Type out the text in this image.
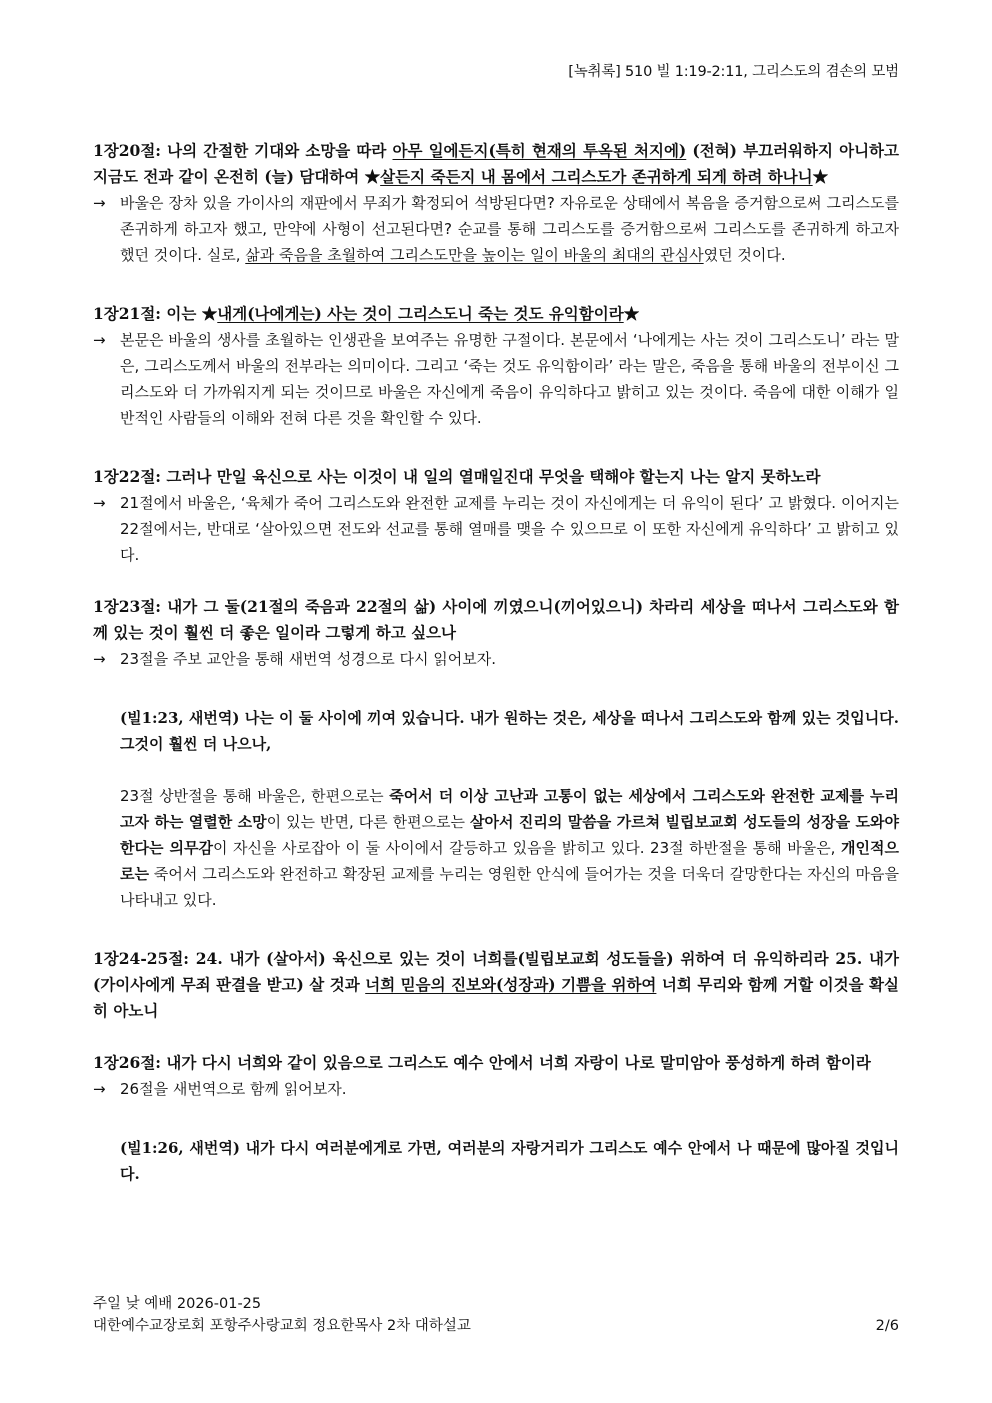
[녹취록] 510 빌 1:19-2:11, 그리스도의 겸손의 모범

1장20절: 나의 간절한 기대와 소망을 따라 아무 일에든지(특히 현재의 투옥된 처지에) (전혀) 부끄러워하지 아니하고 지금도 전과 같이 온전히 (늘) 담대하여 ★살든지 죽든지 내 몸에서 그리스도가 존귀하게 되게 하려 하나니★

→ 바울은 장차 있을 가이사의 재판에서 무죄가 확정되어 석방된다면? 자유로운 상태에서 복음을 증거함으로써 그리스도를 존귀하게 하고자 했고, 만약에 사형이 선고된다면? 순교를 통해 그리스도를 증거함으로써 그리스도를 존귀하게 하고자 했던 것이다. 실로, 삶과 죽음을 초월하여 그리스도만을 높이는 일이 바울의 최대의 관심사였던 것이다.

1장21절: 이는 ★내게(나에게는) 사는 것이 그리스도니 죽는 것도 유익함이라★

→ 본문은 바울의 생사를 초월하는 인생관을 보여주는 유명한 구절이다. 본문에서 ‘나에게는 사는 것이 그리스도니’ 라는 말은, 그리스도께서 바울의 전부라는 의미이다. 그리고 ‘죽는 것도 유익함이라’ 라는 말은, 죽음을 통해 바울의 전부이신 그리스도와 더 가까워지게 되는 것이므로 바울은 자신에게 죽음이 유익하다고 밝히고 있는 것이다. 죽음에 대한 이해가 일반적인 사람들의 이해와 전혀 다른 것을 확인할 수 있다.

1장22절: 그러나 만일 육신으로 사는 이것이 내 일의 열매일진대 무엇을 택해야 할는지 나는 알지 못하노라

→ 21절에서 바울은, ‘육체가 죽어 그리스도와 완전한 교제를 누리는 것이 자신에게는 더 유익이 된다’ 고 밝혔다. 이어지는 22절에서는, 반대로 ‘살아있으면 전도와 선교를 통해 열매를 맺을 수 있으므로 이 또한 자신에게 유익하다’ 고 밝히고 있다.

1장23절: 내가 그 둘(21절의 죽음과 22절의 삶) 사이에 끼였으니(끼어있으니) 차라리 세상을 떠나서 그리스도와 함께 있는 것이 훨씬 더 좋은 일이라 그렇게 하고 싶으나

→ 23절을 주보 교안을 통해 새번역 성경으로 다시 읽어보자.

(빌1:23, 새번역) 나는 이 둘 사이에 끼여 있습니다. 내가 원하는 것은, 세상을 떠나서 그리스도와 함께 있는 것입니다. 그것이 훨씬 더 나으나,

23절 상반절을 통해 바울은, 한편으로는 죽어서 더 이상 고난과 고통이 없는 세상에서 그리스도와 완전한 교제를 누리고자 하는 열렬한 소망이 있는 반면, 다른 한편으로는 살아서 진리의 말씀을 가르쳐 빌립보교회 성도들의 성장을 도와야 한다는 의무감이 자신을 사로잡아 이 둘 사이에서 갈등하고 있음을 밝히고 있다. 23절 하반절을 통해 바울은, 개인적으로는 죽어서 그리스도와 완전하고 확장된 교제를 누리는 영원한 안식에 들어가는 것을 더욱더 갈망한다는 자신의 마음을 나타내고 있다.

1장24-25절: 24. 내가 (살아서) 육신으로 있는 것이 너희를(빌립보교회 성도들을) 위하여 더 유익하리라 25. 내가 (가이사에게 무죄 판결을 받고) 살 것과 너희 믿음의 진보와(성장과) 기쁨을 위하여 너희 무리와 함께 거할 이것을 확실히 아노니

1장26절: 내가 다시 너희와 같이 있음으로 그리스도 예수 안에서 너희 자랑이 나로 말미암아 풍성하게 하려 함이라

→ 26절을 새번역으로 함께 읽어보자.

(빌1:26, 새번역) 내가 다시 여러분에게로 가면, 여러분의 자랑거리가 그리스도 예수 안에서 나 때문에 많아질 것입니다.

주일 낮 예배 2026-01-25
대한예수교장로회 포항주사랑교회 정요한목사 2차 대하설교	2/6
